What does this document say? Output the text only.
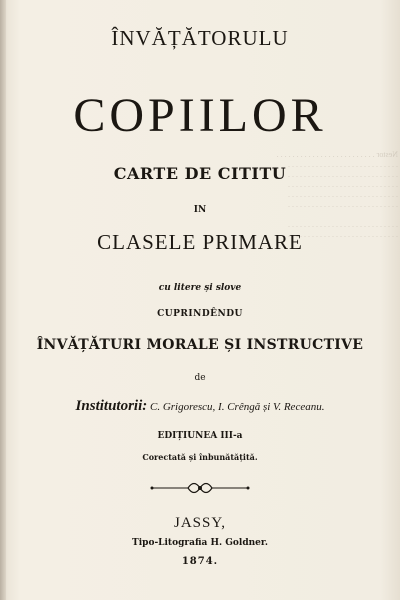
Nestor . . . . . . . . . . . . . . . . . . . . . . . . .
. . . . . . . . . . . . . . . . . . . . . . . . . . . .
. . . . . . . . . . . . . . . . . . . . . . . . . . . .
. . . . . . . . . . . . . . . . . . . . . . . . . . . .
. . . . . . . . . . . . . . . . . . . . . . . . . . . .
. . . . . . . . . . . . . . . . . . . . . . . . . . . .

. . . . . . . . . . . . . . . . . . . . . . . . . . . .
. . . . . . . . . . . . . . . . . . . . . . . . . . . .
ÎNVĂȚĂTORULU
COPIILOR
CARTE DE CITITU
IN
CLASELE PRIMARE
cu litere și slove
CUPRINDÊNDU
ÎNVĂȚĂTURI MORALE ȘI INSTRUCTIVE
de
Institutorii: C. Grigorescu, I. Crêngă și V. Receanu.
EDIȚIUNEA III-a
Corectată și înbunătățită.
JASSY,
Tipo-Litografia H. Goldner.
1874.
